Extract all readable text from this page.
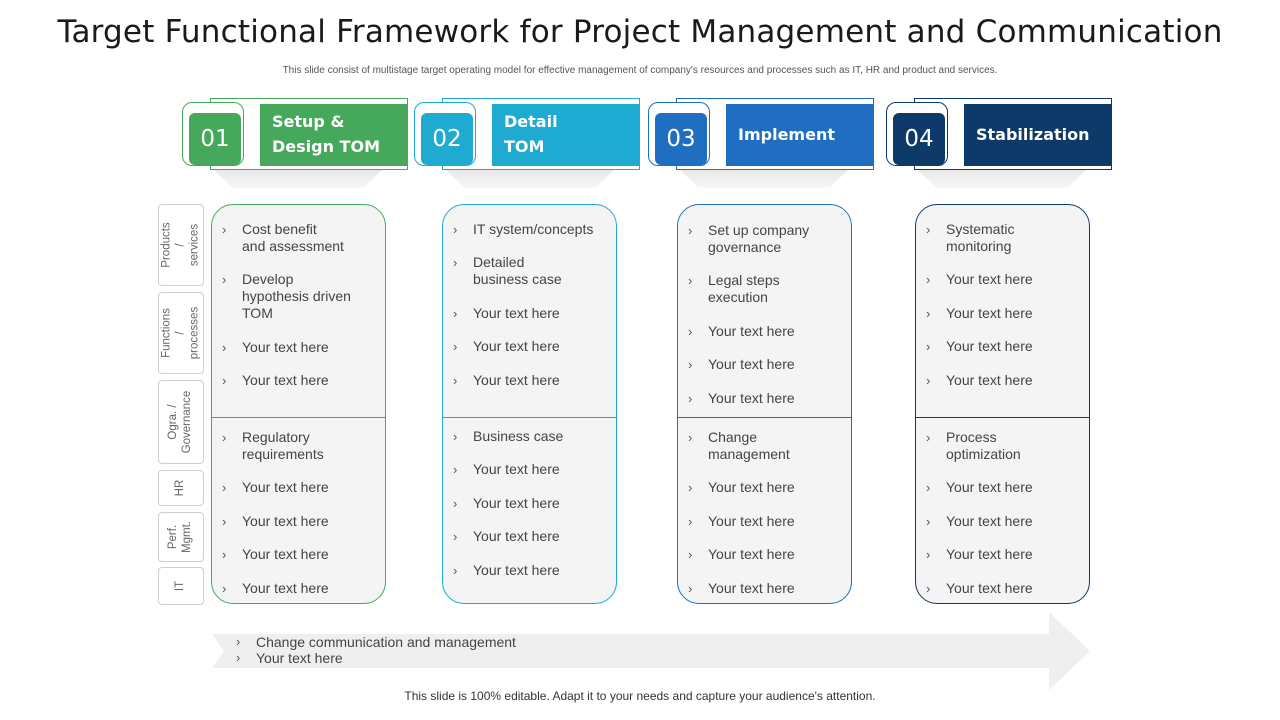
Target Functional Framework for Project Management and Communication
This slide consist of multistage target operating model for effective management of company's resources and processes such as IT, HR and product and services.
01
Setup &
Design TOM	02
Detail
TOM	03	Implement	04	Stabilization
Products /
services
Functions /
processes
Ogra. /
Governance
HR
Perf.
Mgmt.
IT
› Cost benefit
and assessment
› Develop
hypothesis driven
TOM
› Your text here
› Your text here
› Regulatory
requirements
› Your text here
› Your text here
› Your text here
› Your text here
› IT system/concepts
› Detailed
business case
› Your text here
› Your text here
› Your text here
› Business case
› Your text here
› Your text here
› Your text here
› Your text here
› Set up company
governance
› Legal steps
execution
› Your text here
› Your text here
› Your text here
› Change
management
› Your text here
› Your text here
› Your text here
› Your text here
› Systematic
monitoring
› Your text here
› Your text here
› Your text here
› Your text here
› Process
optimization
› Your text here
› Your text here
› Your text here
› Your text here
› Change communication and management
› Your text here
This slide is 100% editable. Adapt it to your needs and capture your audience's attention.
